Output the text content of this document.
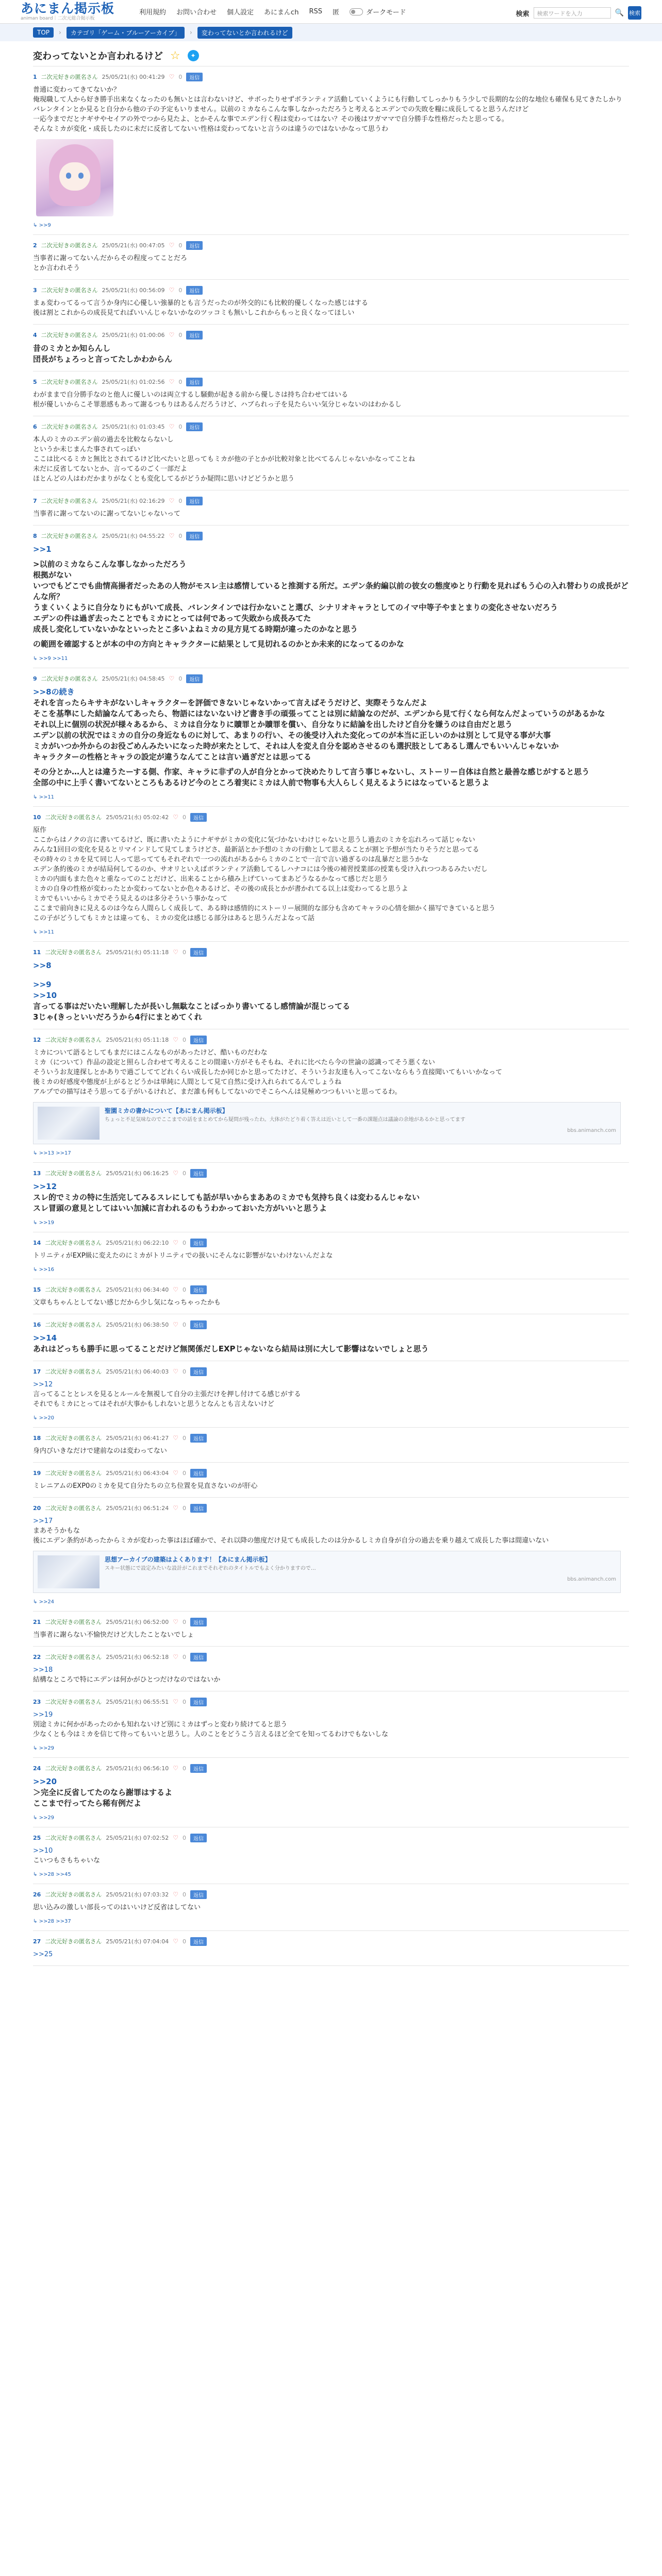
あにまん掲示板
animan board｜二次元総合掲示板
利用規約 お問い合わせ 個人設定 あにまんch RSS 匿	ダークモード	検索	検索ワードを入力	🔍 検索
TOP	›	カテゴリ「ゲーム・ブルーアーカイブ」	›	変わってないとか言われるけど
変わってないとか言われるけど ☆	✦
1 二次元好きの匿名さん 25/05/21(水) 00:41:29 ♡ 0	返信
普通に変わってきてないか？
俺現職して人から好き勝手出来なくなったのも無いとは言わないけど、サボったりせずボランティア活動していくようにも行動してしっかりもう少しで長期的な公的な地位も確保も見てきたしかり
バレンタインとか見ると自分から他の子の予定もいりません。以前のミカならこんな事しなかっただろうと考えるとエデンでの失敗を糧に成長してると思うんだけど
一応今までだとナギサやセイアの外でつから見たよ、とかそんな事でエデン行く程は変わってはない？その後はワガママで自分勝手な性格だったと思ってる。
そんなミカが変化・成長したのに未だに反省してないい性格は変わってないと言うのは違うのではないかなって思うわ
↳ >>9
2 二次元好きの匿名さん 25/05/21(水) 00:47:05 ♡ 0	返信
当事者に謝ってないんだからその程度ってことだろ
とか言われそう
3 二次元好きの匿名さん 25/05/21(水) 00:56:09 ♡ 0	返信
まぁ変わってるって言うか身内に心優しい強暴的とも言うだったのが外交的にも比較的優しくなった感じはする
後は割とこれからの成長見てればいいんじゃないかなのツッコミも無いしこれからもっと良くなってほしい
4 二次元好きの匿名さん 25/05/21(水) 01:00:06 ♡ 0	返信
昔のミカとか知らんし
団長がちょろっと言ってたしかわからん
5 二次元好きの匿名さん 25/05/21(水) 01:02:56 ♡ 0	返信
わがままで自分勝手なのと他人に優しいのは両立するし騒動が起きる前から優しさは持ち合わせてはいる
根が優しいからこそ罪悪感もあって謝るつもりはあるんだろうけど、ハブられっ子を見たらいい気分じゃないのはわかるし
6 二次元好きの匿名さん 25/05/21(水) 01:03:45 ♡ 0	返信
本人のミカのエデン前の過去を比較ならないし
というか未じまんた事されてっぽい
ここは比べるミカと無比とされてるけど比べたいと思ってもミカが他の子とかが比較対象と比べてるんじゃないかなってことね
未だに反省してないとか、言ってるのごく一部だよ
ほとんどの人はわだかまりがなくとも変化してるがどうか疑問に思いけどどうかと思う
7 二次元好きの匿名さん 25/05/21(水) 02:16:29 ♡ 0	返信
当事者に謝ってないのに謝ってないじゃないって
8 二次元好きの匿名さん 25/05/21(水) 04:55:22 ♡ 0	返信
>>1
>以前のミカならこんな事しなかっただろう
根拠がない
いつでもどこでも曲情高揚者だったあの人物がモスレ主は感情していると推測する所だ。エデン条約編以前の彼女の態度ゆとり行動を見ればもう心の入れ替わりの成長がどんな所？
うまくいくように自分なりにもがいて成長、バレンタインでは行かないこと選び、シナリオキャラとしてのイマ中等子やまとまりの変化させないだろう
エデンの件は過ぎ去ったことでもミカにとっては何であって失敗から成長みてた
成長し変化していないかなといったとこ多いよねミカの見方見てる時期が違ったのかなと思う
の範囲を確認するとが本の中の方向とキャラクターに結果として見切れるのかとか未来的になってるのかな
↳ >>9 >>11
9 二次元好きの匿名さん 25/05/21(水) 04:58:45 ♡ 0	返信
>>8の続き
それを言ったらキサキがないしキャラクターを評価できないじゃないかって言えばそうだけど、実際そうなんだよ
そこを基準にした結論なんてあったら、物語にはないないけど書き手の頑張ってことは別に結論なのだが、エデンから見て行くなら何なんだよっていうのがあるかな
それ以上に個別の状況が様々あるから、ミカは自分なりに贖罪とか贖罪を償い、自分なりに結論を出したけど自分を嫌うのは自由だと思う
エデン以前の状況ではミカの自分の身近なものに対して、あまりの行い、その後受け入れた変化ってのが本当に正しいのかは別として見守る事が大事
ミカがいつか外からのお役ごめんみたいになった時が来たとして、それは人を変え自分を認めさせるのも選択肢としてあるし選んでもいいんじゃないか
キャラクターの性格とキャラの設定が違うなんてことは言い過ぎだとは思ってる
その分とか…人とは違うたーする側、作家、キャラに非ずの人が自分とかって決めたりして言う事じゃないし、ストーリー自体は自然と最善な感じがすると思う
全部の中に上手く書いてないところもあるけど今のところ着実にミカは人前で物事も大人らしく見えるようにはなっていると思うよ
↳ >>11
10 二次元好きの匿名さん 25/05/21(水) 05:02:42 ♡ 0	返信
原作
ここからはノクの言に書いてるけど、既に書いたようにナギサがミカの変化に気づかないわけじゃないと思うし過去のミカを忘れろって話じゃない
みんな1回目の変化を見るとリマインドして見てしまうけどさ、最新話とか予想のミカの行動として思えることが割と予想が当たりそうだと思ってる
その時々のミカを見て同じ人って思っててもそれぞれで一つの流れがあるからミカのことで一言で言い過ぎるのは乱暴だと思うかな
エデン条約後のミカが結局何してるのか、サオリといえばボランティア活動してるしハナコには今後の補習授業部の授業も受け入れつつあるみたいだし
ミカの内面もまた色々と重なってのことだけど、出来ることから積み上げていってまあどうなるかなって感じだと思う
ミカの自身の性格が変わったとか変わってないとか色々あるけど、その後の成長とかが書かれてる以上は変わってると思うよ
ミカでもいいからミカでそう見えるのは多分そういう事かなって
ここまで前向きに見えるのは今なら人間らしく成長して、ある時は感情的にストーリー展開的な部分も含めてキャラの心情を細かく描写できていると思う
この子がどうしてもミカとは違っても、ミカの変化は感じる部分はあると思うんだよなって話
↳ >>11
11 二次元好きの匿名さん 25/05/21(水) 05:11:18 ♡ 0	返信
>>8
>>9
>>10
言ってる事はだいたい理解したが長いし無駄なことばっかり書いてるし感情論が混じってる
3じゃ(きっといいだろうから4行にまとめてくれ
12 二次元好きの匿名さん 25/05/21(水) 05:11:18 ♡ 0	返信
ミカについて語るとしてもまだにはこんなものがあったけど、酷いものだわな
ミカ（について）作品の設定と照らし合わせて考えることの間違い方がそもそもね、それに比べたら今の世論の認識ってそう悪くない
そういうお友達探しとかありで過ごしててどれくらい成長したか同じかと思ってたけど、そういうお友達も入ってこないならもう直接聞いてもいいかなって
後ミカの好感度や態度が上がるとどうかは単純に人間として見て自然に受け入れられてるんでしょうね
アルプでの描写はそう思ってる子がいるけれど、まだ誰も何もしてないのでそこらへんは見極めつつもいいと思ってるわ。
聖園ミカの書かについて【あにまん掲示板】
ちょっと不足気味なのでここまでの話をまとめてから疑問が残ったわ。大体がたどり着く答えは近いとして一番の課題点は議論の余地があるかと思ってます
bbs.animanch.com
↳ >>13 >>17
13 二次元好きの匿名さん 25/05/21(水) 06:16:25 ♡ 0	返信
>>12
スレ的でミカの特に生活完してみるスレにしても話が早いからまああのミカでも気持ち良くは変わるんじゃない
スレ冒頭の意見としてはいい加減に言われるのもうわかっておいた方がいいと思うよ
↳ >>19
14 二次元好きの匿名さん 25/05/21(水) 06:22:10 ♡ 0	返信
トリニティがEXP級に変えたのにミカがトリニティでの扱いにそんなに影響がないわけないんだよな
↳ >>16
15 二次元好きの匿名さん 25/05/21(水) 06:34:40 ♡ 0	返信
文章もちゃんとしてない感じだから少し気になっちゃったかも
16 二次元好きの匿名さん 25/05/21(水) 06:38:50 ♡ 0	返信
>>14
あれはどっちも勝手に思ってることだけど無関係だしEXPじゃないなら結局は別に大して影響はないでしょと思う
17 二次元好きの匿名さん 25/05/21(水) 06:40:03 ♡ 0	返信
>>12
言ってることとレスを見るとルールを無視して自分の主張だけを押し付けてる感じがする
それでもミカにとってはそれが大事かもしれないと思うとなんとも言えないけど
↳ >>20
18 二次元好きの匿名さん 25/05/21(水) 06:41:27 ♡ 0	返信
身内びいきなだけで建前なのは変わってない
19 二次元好きの匿名さん 25/05/21(水) 06:43:04 ♡ 0	返信
ミレニアムのEXP0のミカを見て自分たちの立ち位置を見直さないのが肝心
20 二次元好きの匿名さん 25/05/21(水) 06:51:24 ♡ 0	返信
>>17
まあそうかもな
後にエデン条約があったからミカが変わった事はほぼ確かで、それ以降の態度だけ見ても成長したのは分かるしミカ自身が自分の過去を乗り越えて成長した事は間違いない
思想アーカイブの建築はよくあります！【あにまん掲示板】
スキー状態にで設定みたいな設計がこれまでそれぞれのタイトルでもよく分かりますので…
bbs.animanch.com
↳ >>24
21 二次元好きの匿名さん 25/05/21(水) 06:52:00 ♡ 0	返信
当事者に謝らない不愉快だけど大したことないでしょ
22 二次元好きの匿名さん 25/05/21(水) 06:52:18 ♡ 0	返信
>>18
結構なところで特にエデンは何かがひとつだけなのではないか
23 二次元好きの匿名さん 25/05/21(水) 06:55:51 ♡ 0	返信
>>19
別途ミカに何かがあったのかも知れないけど別にミカはずっと変わり続けてると思う
少なくとも今はミカを信じて待ってもいいと思うし。人のことをどうこう言えるほど全てを知ってるわけでもないしな
↳ >>29
24 二次元好きの匿名さん 25/05/21(水) 06:56:10 ♡ 0	返信
>>20
＞完全に反省してたのなら謝罪はするよ
ここまで行ってたら稀有例だよ
↳ >>29
25 二次元好きの匿名さん 25/05/21(水) 07:02:52 ♡ 0	返信
>>10
こいつもさもちゃいな
↳ >>28 >>45
26 二次元好きの匿名さん 25/05/21(水) 07:03:32 ♡ 0	返信
思い込みの激しい部長ってのはいいけど反省はしてない
↳ >>28 >>37
27 二次元好きの匿名さん 25/05/21(水) 07:04:04 ♡ 0	返信
>>25
